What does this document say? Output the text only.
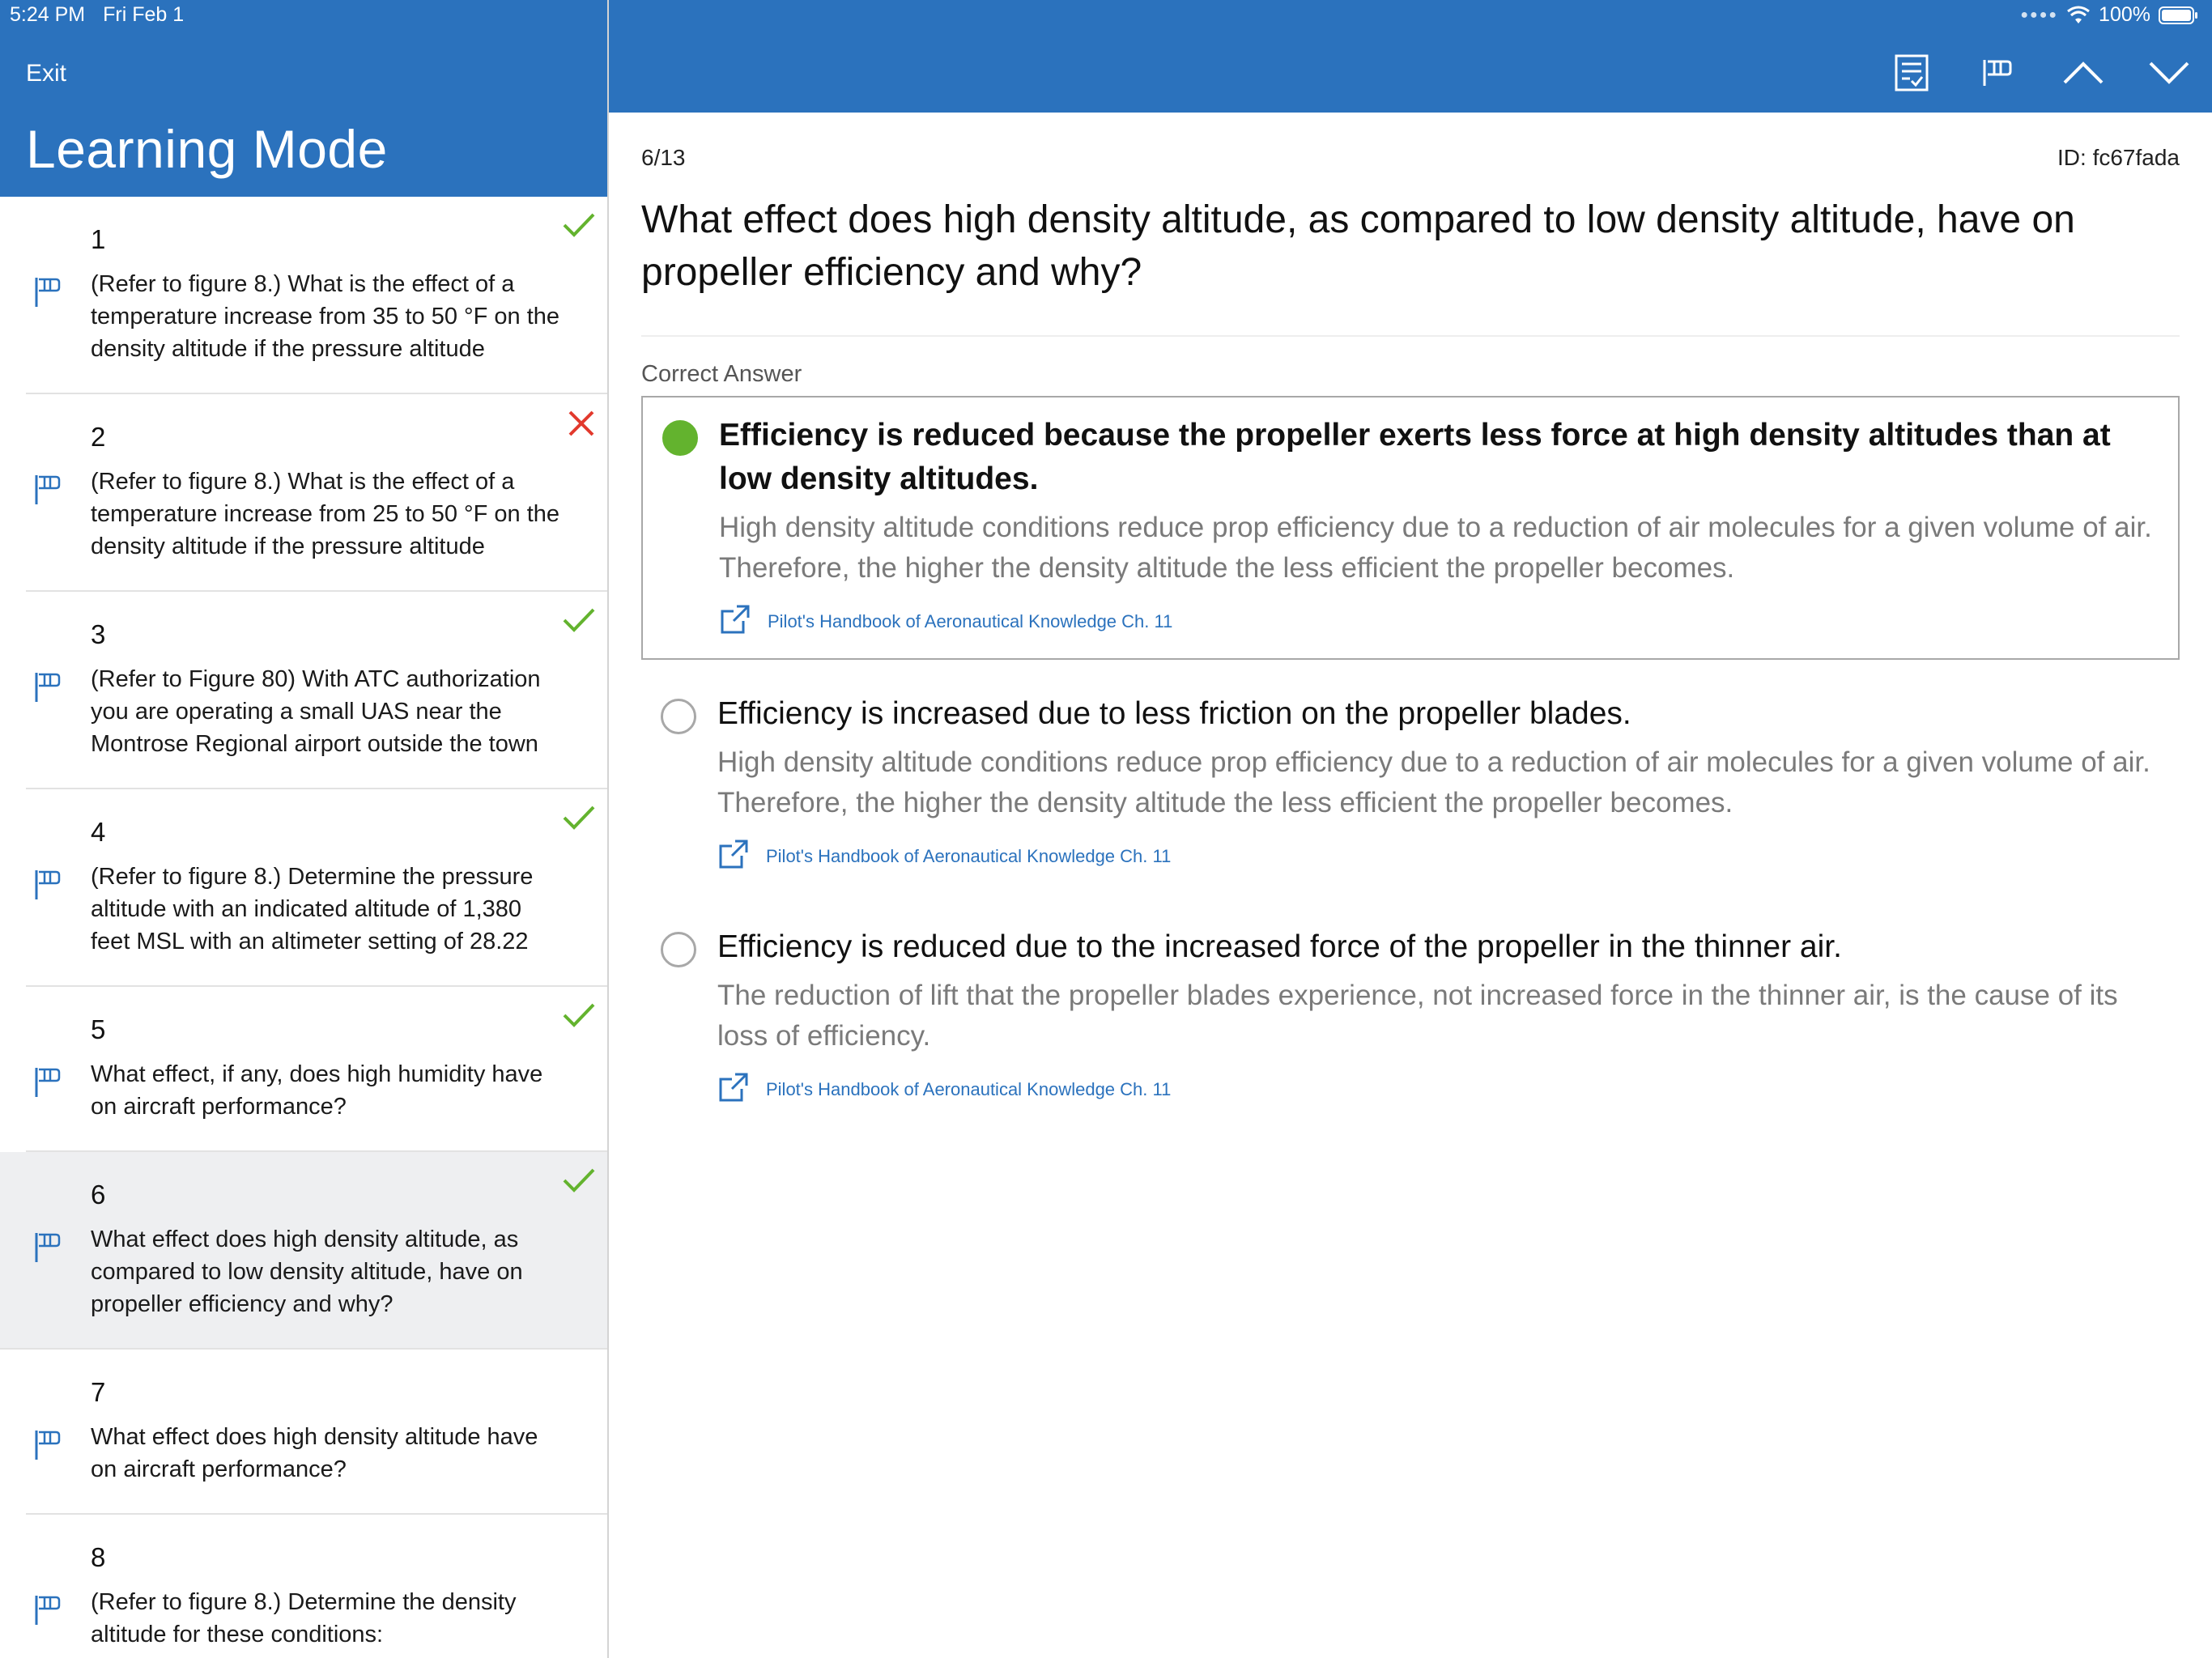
5:24 PM Fri Feb 1	●●●● 100%
Exit
Learning Mode
1
(Refer to figure 8.) What is the effect of a temperature increase from 35 to 50 °F on the density altitude if the pressure altitude
2
(Refer to figure 8.) What is the effect of a temperature increase from 25 to 50 °F on the density altitude if the pressure altitude
3
(Refer to Figure 80) With ATC authorization you are operating a small UAS near the Montrose Regional airport outside the town
4
(Refer to figure 8.) Determine the pressure altitude with an indicated altitude of 1,380 feet MSL with an altimeter setting of 28.22
5
What effect, if any, does high humidity have on aircraft performance?
6
What effect does high density altitude, as compared to low density altitude, have on propeller efficiency and why?
7
What effect does high density altitude have on aircraft performance?
8
(Refer to figure 8.) Determine the density altitude for these conditions:
6/13	ID: fc67fada
What effect does high density altitude, as compared to low density altitude, have on propeller efficiency and why?
Correct Answer
Efficiency is reduced because the propeller exerts less force at high density altitudes than at low density altitudes.
High density altitude conditions reduce prop efficiency due to a reduction of air molecules for a given volume of air. Therefore, the higher the density altitude the less efficient the propeller becomes.
Pilot's Handbook of Aeronautical Knowledge Ch. 11
Efficiency is increased due to less friction on the propeller blades.
High density altitude conditions reduce prop efficiency due to a reduction of air molecules for a given volume of air. Therefore, the higher the density altitude the less efficient the propeller becomes.
Pilot's Handbook of Aeronautical Knowledge Ch. 11
Efficiency is reduced due to the increased force of the propeller in the thinner air.
The reduction of lift that the propeller blades experience, not increased force in the thinner air, is the cause of its loss of efficiency.
Pilot's Handbook of Aeronautical Knowledge Ch. 11
